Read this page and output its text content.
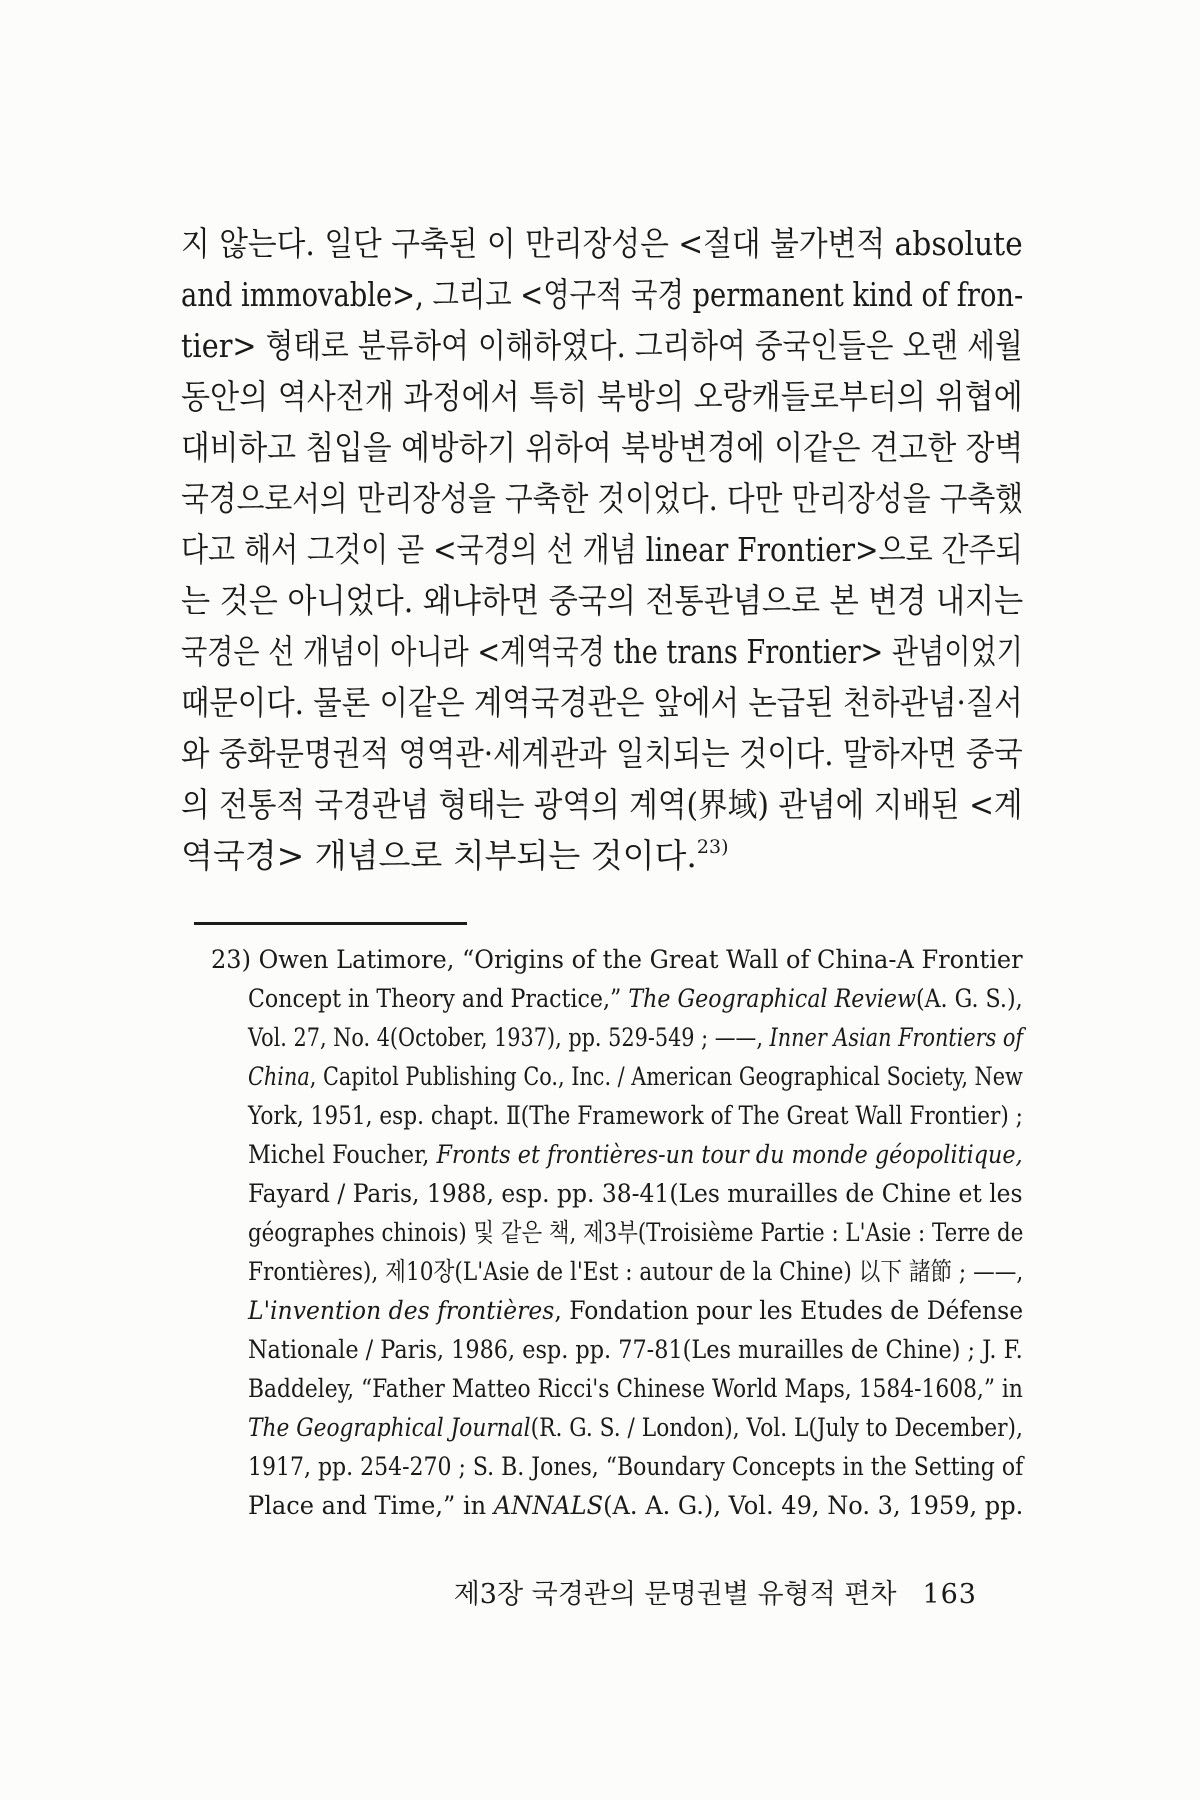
지 않는다. 일단 구축된 이 만리장성은 <절대 불가변적 absolute
and immovable>, 그리고 <영구적 국경 permanent kind of fron-
tier> 형태로 분류하여 이해하였다. 그리하여 중국인들은 오랜 세월
동안의 역사전개 과정에서 특히 북방의 오랑캐들로부터의 위협에
대비하고 침입을 예방하기 위하여 북방변경에 이같은 견고한 장벽
국경으로서의 만리장성을 구축한 것이었다. 다만 만리장성을 구축했
다고 해서 그것이 곧 <국경의 선 개념 linear Frontier>으로 간주되
는 것은 아니었다. 왜냐하면 중국의 전통관념으로 본 변경 내지는
국경은 선 개념이 아니라 <계역국경 the trans Frontier> 관념이었기
때문이다. 물론 이같은 계역국경관은 앞에서 논급된 천하관념·질서
와 중화문명권적 영역관·세계관과 일치되는 것이다. 말하자면 중국
의 전통적 국경관념 형태는 광역의 계역(界域) 관념에 지배된 <계
역국경> 개념으로 치부되는 것이다.$^{23)}$
23) Owen Latimore, “Origins of the Great Wall of China-A Frontier
Concept in Theory and Practice,” The Geographical Review(A. G. S.),
Vol. 27, No. 4(October, 1937), pp. 529-549 ; ——, Inner Asian Frontiers of
China, Capitol Publishing Co., Inc. / American Geographical Society, New
York, 1951, esp. chapt. Ⅱ(The Framework of The Great Wall Frontier) ;
Michel Foucher, Fronts et frontières-un tour du monde géopolitique,
Fayard / Paris, 1988, esp. pp. 38-41(Les murailles de Chine et les
géographes chinois) 및 같은 책, 제3부(Troisième Partie : L'Asie : Terre de
Frontières), 제10장(L'Asie de l'Est : autour de la Chine) 以下 諸節 ; ——,
L'invention des frontières, Fondation pour les Etudes de Défense
Nationale / Paris, 1986, esp. pp. 77-81(Les murailles de Chine) ; J. F.
Baddeley, “Father Matteo Ricci's Chinese World Maps, 1584-1608,” in
The Geographical Journal(R. G. S. / London), Vol. L(July to December),
1917, pp. 254-270 ; S. B. Jones, “Boundary Concepts in the Setting of
Place and Time,” in ANNALS(A. A. G.), Vol. 49, No. 3, 1959, pp.
제3장 국경관의 문명권별 유형적 편차 163
